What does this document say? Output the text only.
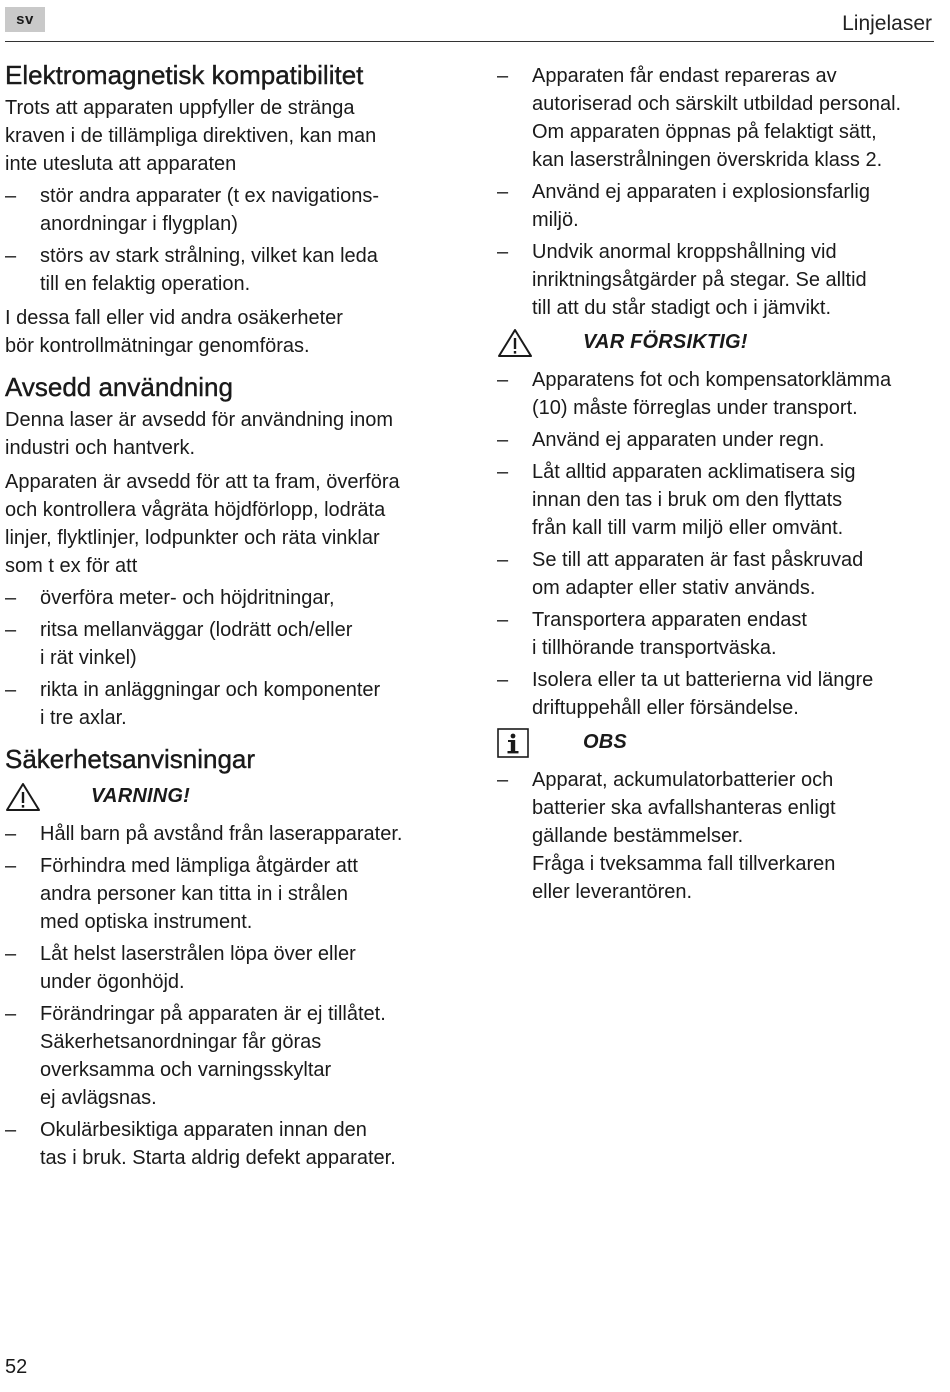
sv	Linjelaser
Elektromagnetisk kompatibilitet

Trots att apparaten uppfyller de stränga
kraven i de tillämpliga direktiven, kan man
inte utesluta att apparaten

–	stör andra apparater (t ex navigations-
anordningar i flygplan)
–	störs av stark strålning, vilket kan leda
till en felaktig operation.

I dessa fall eller vid andra osäkerheter
bör kontrollmätningar genomföras.

Avsedd användning

Denna laser är avsedd för användning inom
industri och hantverk.

Apparaten är avsedd för att ta fram, överföra
och kontrollera vågräta höjdförlopp, lodräta
linjer, flyktlinjer, lodpunkter och räta vinklar
som t ex för att

–	överföra meter- och höjdritningar,
–	ritsa mellanväggar (lodrätt och/eller
i rät vinkel)
–	rikta in anläggningar och komponenter
i tre axlar.
Säkerhetsanvisningar
VARNING!
–	Håll barn på avstånd från laserapparater.
–	Förhindra med lämpliga åtgärder att
andra personer kan titta in i strålen
med optiska instrument.
–	Låt helst laserstrålen löpa över eller
under ögonhöjd.
–	Förändringar på apparaten är ej tillåtet.
Säkerhetsanordningar får göras
overksamma och varningsskyltar
ej avlägsnas.
–	Okulärbesiktiga apparaten innan den
tas i bruk. Starta aldrig defekt apparater.
–	Apparaten får endast repareras av
autoriserad och särskilt utbildad personal.
Om apparaten öppnas på felaktigt sätt,
kan laserstrålningen överskrida klass 2.
–	Använd ej apparaten i explosionsfarlig
miljö.
–	Undvik anormal kroppshållning vid
inriktningsåtgärder på stegar. Se alltid
till att du står stadigt och i jämvikt.
VAR FÖRSIKTIG!
–	Apparatens fot och kompensatorklämma
(10) måste förreglas under transport.
–	Använd ej apparaten under regn.
–	Låt alltid apparaten acklimatisera sig
innan den tas i bruk om den flyttats
från kall till varm miljö eller omvänt.
–	Se till att apparaten är fast påskruvad
om adapter eller stativ används.
–	Transportera apparaten endast
i tillhörande transportväska.
–	Isolera eller ta ut batterierna vid längre
driftuppehåll eller försändelse.
OBS
–	Apparat, ackumulatorbatterier och
batterier ska avfallshanteras enligt
gällande bestämmelser.
Fråga i tveksamma fall tillverkaren
eller leverantören.
52
